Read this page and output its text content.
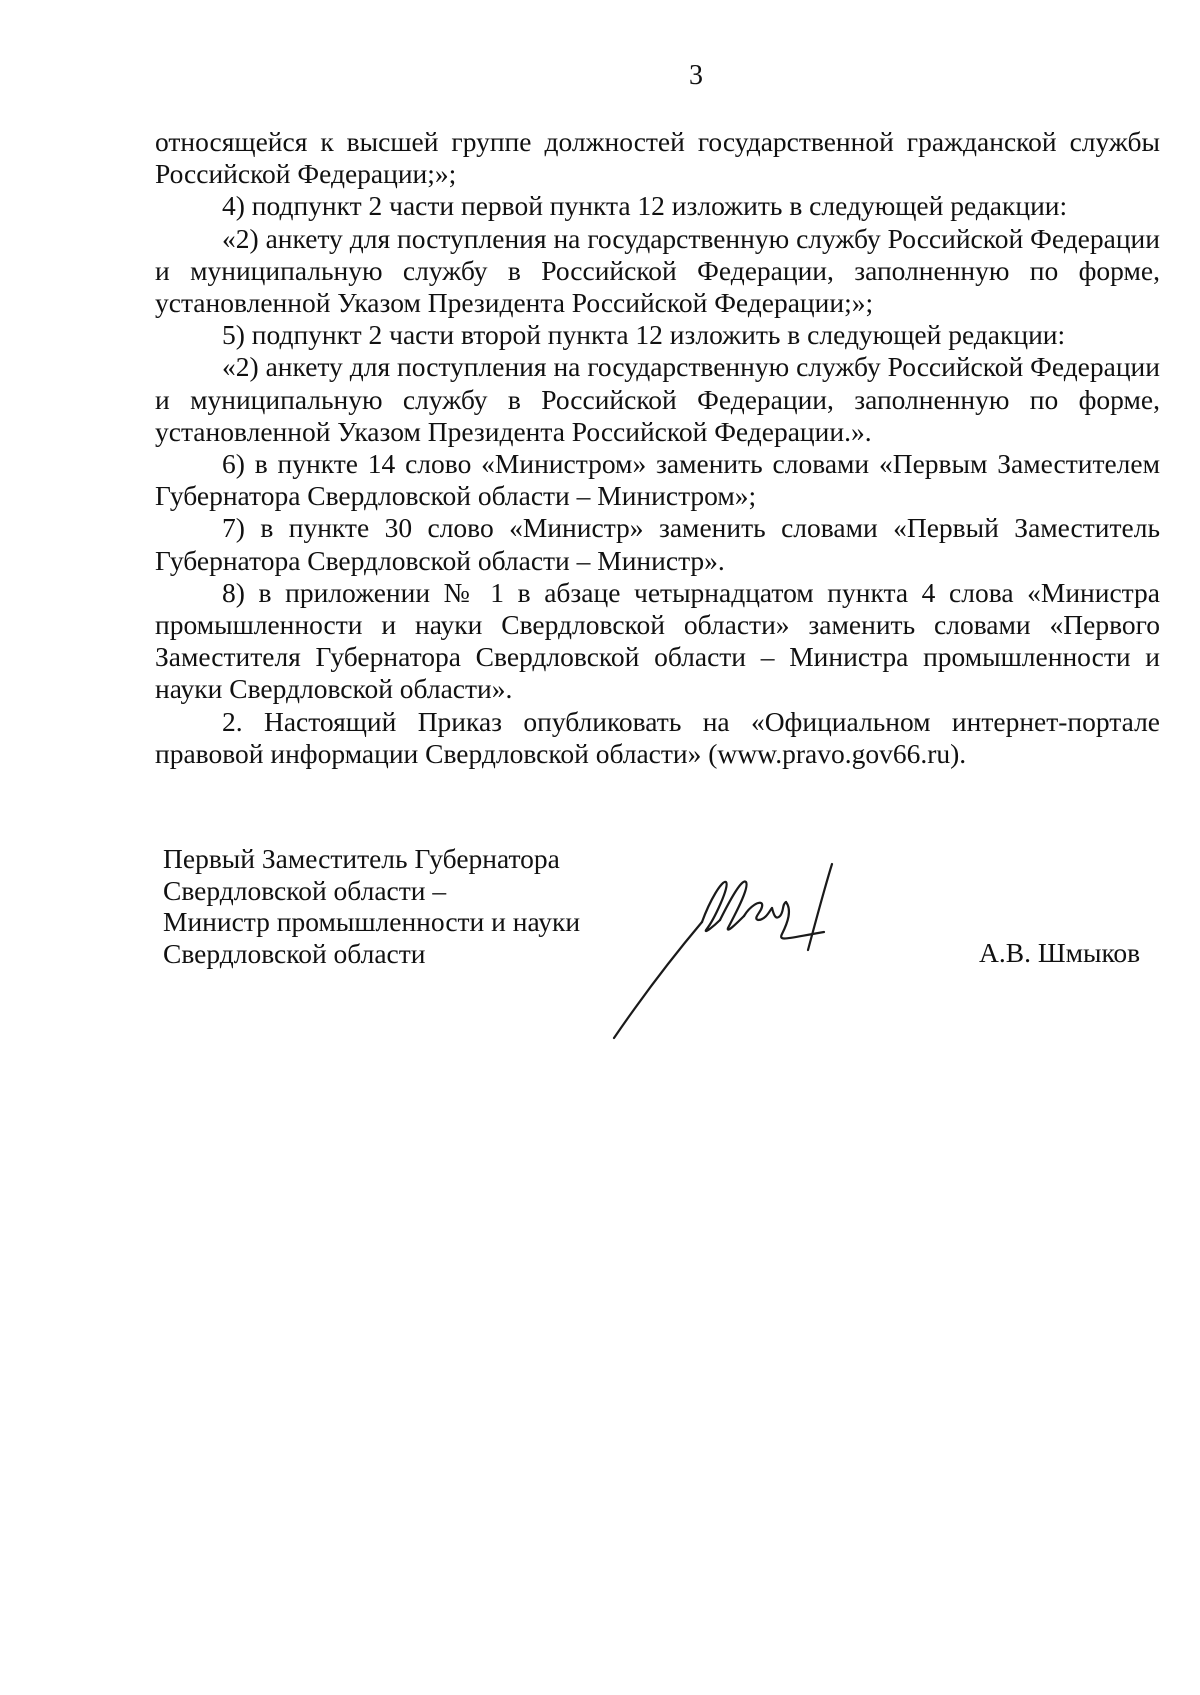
3

относящейся к высшей группе должностей государственной гражданской службы Российской Федерации;»;

4) подпункт 2 части первой пункта 12 изложить в следующей редакции:

«2) анкету для поступления на государственную службу Российской Федерации и муниципальную службу в Российской Федерации, заполненную по форме, установленной Указом Президента Российской Федерации;»;

5) подпункт 2 части второй пункта 12 изложить в следующей редакции:

«2) анкету для поступления на государственную службу Российской Федерации и муниципальную службу в Российской Федерации, заполненную по форме, установленной Указом Президента Российской Федерации.».

6) в пункте 14 слово «Министром» заменить словами «Первым Заместителем Губернатора Свердловской области – Министром»;

7) в пункте 30 слово «Министр» заменить словами «Первый Заместитель Губернатора Свердловской области – Министр».

8) в приложении № 1 в абзаце четырнадцатом пункта 4 слова «Министра промышленности и науки Свердловской области» заменить словами «Первого Заместителя Губернатора Свердловской области – Министра промышленности и науки Свердловской области».

2. Настоящий Приказ опубликовать на «Официальном интернет-портале правовой информации Свердловской области» (www.pravo.gov66.ru).

Первый Заместитель Губернатора
Свердловской области –
Министр промышленности и науки
Свердловской области	А.В. Шмыков
